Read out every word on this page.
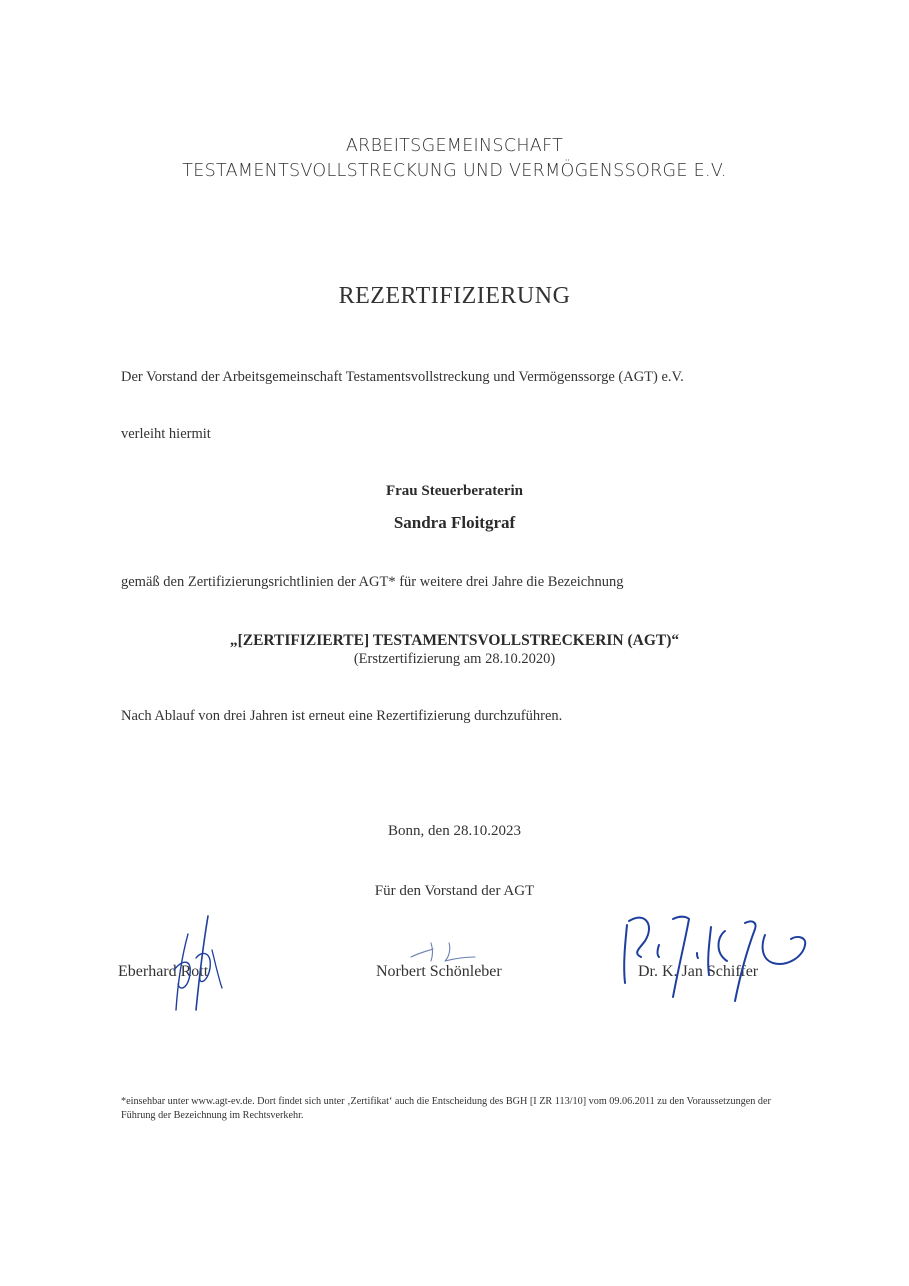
ARBEITSGEMEINSCHAFT
TESTAMENTSVOLLSTRECKUNG UND VERMÖGENSSORGE E.V.
REZERTIFIZIERUNG
Der Vorstand der Arbeitsgemeinschaft Testamentsvollstreckung und Vermögenssorge (AGT) e.V.
verleiht hiermit
Frau Steuerberaterin
Sandra Floitgraf
gemäß den Zertifizierungsrichtlinien der AGT* für weitere drei Jahre die Bezeichnung
„[ZERTIFIZIERTE] TESTAMENTSVOLLSTRECKERIN (AGT)“
(Erstzertifizierung am 28.10.2020)
Nach Ablauf von drei Jahren ist erneut eine Rezertifizierung durchzuführen.
Bonn, den 28.10.2023
Für den Vorstand der AGT
Eberhard Rott	Norbert Schönleber	Dr. K. Jan Schiffer
*einsehbar unter www.agt-ev.de. Dort findet sich unter ‚Zertifikat‘ auch die Entscheidung des BGH [I ZR 113/10] vom 09.06.2011 zu den Voraussetzungen der Führung der Bezeichnung im Rechtsverkehr.
